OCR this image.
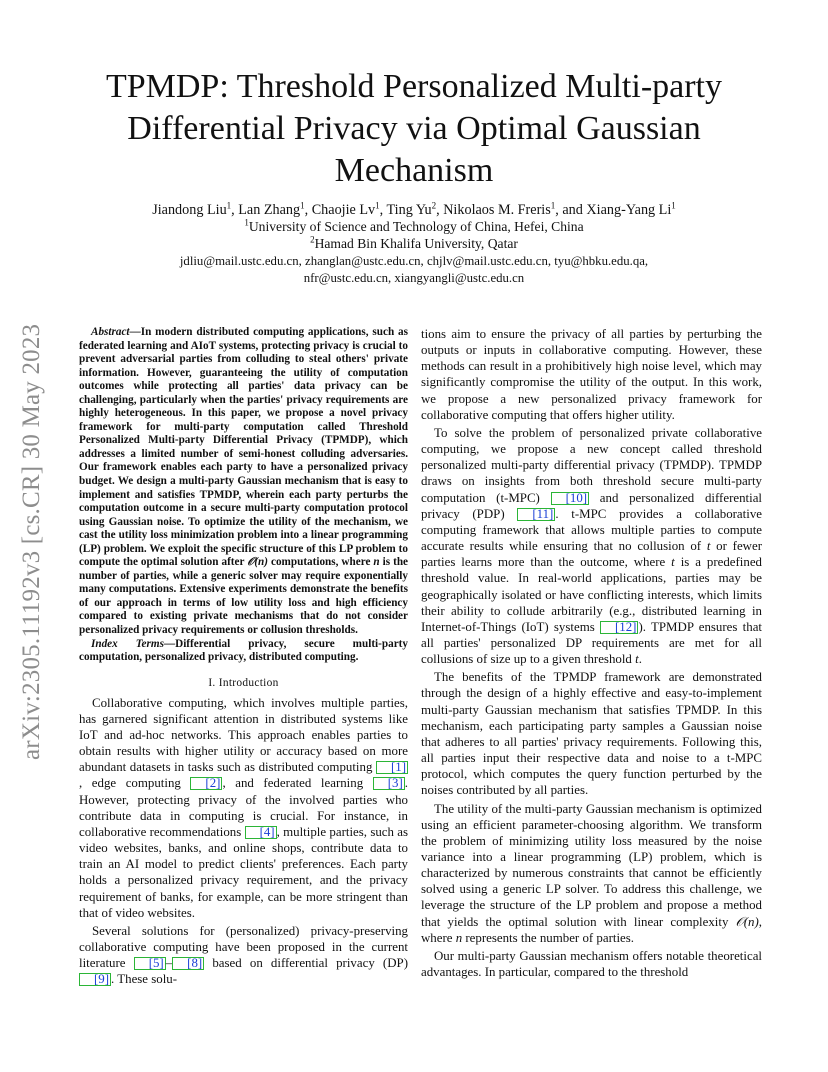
arXiv:2305.11192v3 [cs.CR] 30 May 2023
TPMDP: Threshold Personalized Multi-party
Differential Privacy via Optimal Gaussian
Mechanism
Jiandong Liu$^1$, Lan Zhang$^1$, Chaojie Lv$^1$, Ting Yu$^2$, Nikolaos M. Freris$^1$, and Xiang-Yang Li$^1$
$^1$University of Science and Technology of China, Hefei, China
$^2$Hamad Bin Khalifa University, Qatar
jdliu@mail.ustc.edu.cn, zhanglan@ustc.edu.cn, chjlv@mail.ustc.edu.cn, tyu@hbku.edu.qa,
nfr@ustc.edu.cn, xiangyangli@ustc.edu.cn

Abstract—In modern distributed computing applications, such as federated learning and AIoT systems, protecting privacy is crucial to prevent adversarial parties from colluding to steal others' private information. However, guaranteeing the utility of computation outcomes while protecting all parties' data privacy can be challenging, particularly when the parties' privacy requirements are highly heterogeneous. In this paper, we propose a novel privacy framework for multi-party computation called Threshold Personalized Multi-party Differential Privacy (TPMDP), which addresses a limited number of semi-honest colluding adversaries. Our framework enables each party to have a personalized privacy budget. We design a multi-party Gaussian mechanism that is easy to implement and satisfies TPMDP, wherein each party perturbs the computation outcome in a secure multi-party computation protocol using Gaussian noise. To optimize the utility of the mechanism, we cast the utility loss minimization problem into a linear programming (LP) problem. We exploit the specific structure of this LP problem to compute the optimal solution after 𝒪(n) computations, where n is the number of parties, while a generic solver may require exponentially many computations. Extensive experiments demonstrate the benefits of our approach in terms of low utility loss and high efficiency compared to existing private mechanisms that do not consider personalized privacy requirements or collusion thresholds.

Index Terms—Differential privacy, secure multi-party computation, personalized privacy, distributed computing.

I. Introduction

Collaborative computing, which involves multiple parties, has garnered significant attention in distributed systems like IoT and ad-hoc networks. This approach enables parties to obtain results with higher utility or accuracy based on more abundant datasets in tasks such as distributed computing [1], edge computing [2] , and federated learning [3] . However, protecting privacy of the involved parties who contribute data in computing is crucial. For instance, in collaborative recommendations [4] , multiple parties, such as video websites, banks, and online shops, contribute data to train an AI model to predict clients' preferences. Each party holds a personalized privacy requirement, and the privacy requirement of banks, for example, can be more stringent than that of video websites.

Several solutions for (personalized) privacy-preserving collaborative computing have been proposed in the current literature [5] – [8] based on differential privacy (DP) [9] . These solu-

tions aim to ensure the privacy of all parties by perturbing the outputs or inputs in collaborative computing. However, these methods can result in a prohibitively high noise level, which may significantly compromise the utility of the output. In this work, we propose a new personalized privacy framework for collaborative computing that offers higher utility.

To solve the problem of personalized private collaborative computing, we propose a new concept called threshold personalized multi-party differential privacy (TPMDP). TPMDP draws on insights from both threshold secure multi-party computation (t-MPC) [10] and personalized differential privacy (PDP) [11] . t-MPC provides a collaborative computing framework that allows multiple parties to compute accurate results while ensuring that no collusion of t or fewer parties learns more than the outcome, where t is a predefined threshold value. In real-world applications, parties may be geographically isolated or have conflicting interests, which limits their ability to collude arbitrarily (e.g., distributed learning in Internet-of-Things (IoT) systems [12] ). TPMDP ensures that all parties' personalized DP requirements are met for all collusions of size up to a given threshold t.

The benefits of the TPMDP framework are demonstrated through the design of a highly effective and easy-to-implement multi-party Gaussian mechanism that satisfies TPMDP. In this mechanism, each participating party samples a Gaussian noise that adheres to all parties' privacy requirements. Following this, all parties input their respective data and noise to a t-MPC protocol, which computes the query function perturbed by the noises contributed by all parties.

The utility of the multi-party Gaussian mechanism is optimized using an efficient parameter-choosing algorithm. We transform the problem of minimizing utility loss measured by the noise variance into a linear programming (LP) problem, which is characterized by numerous constraints that cannot be efficiently solved using a generic LP solver. To address this challenge, we leverage the structure of the LP problem and propose a method that yields the optimal solution with linear complexity 𝒪(n), where n represents the number of parties.

Our multi-party Gaussian mechanism offers notable theoretical advantages. In particular, compared to the threshold
